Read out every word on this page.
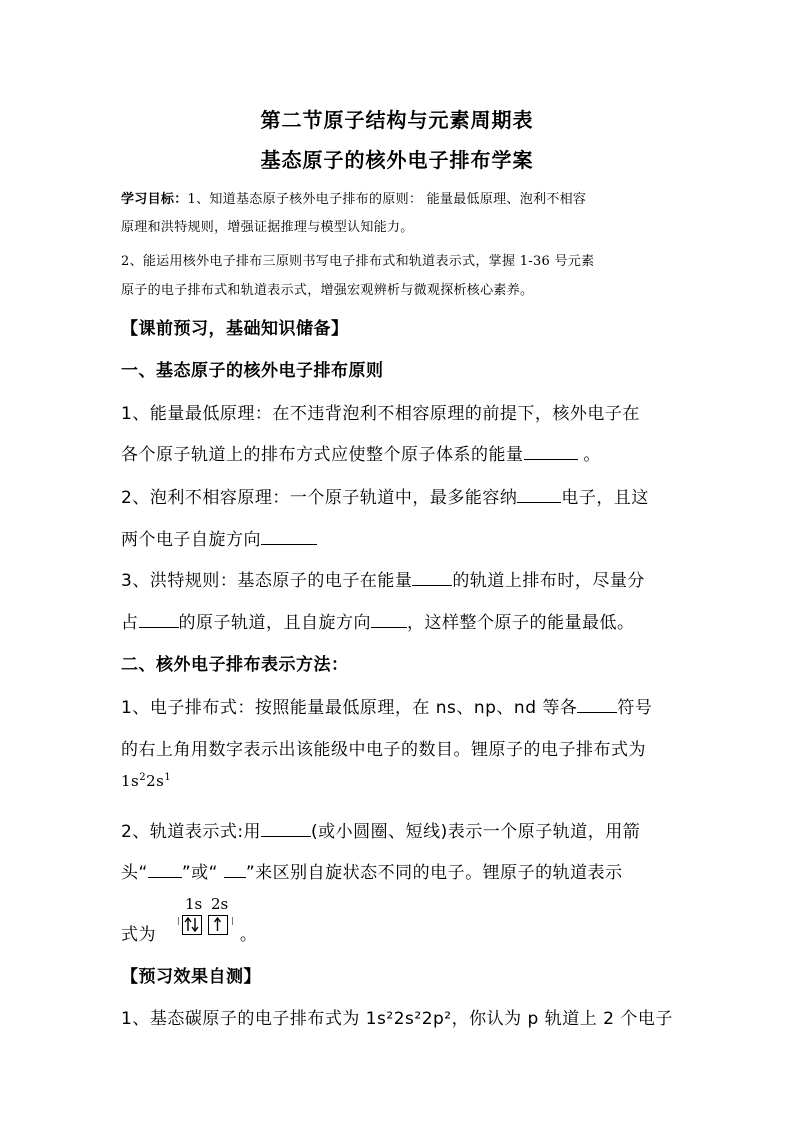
第二节原子结构与元素周期表
基态原子的核外电子排布学案
学习目标：1、知道基态原子核外电子排布的原则： 能量最低原理、泡利不相容
原理和洪特规则，增强证据推理与模型认知能力。
2、能运用核外电子排布三原则书写电子排布式和轨道表示式，掌握 1-36 号元素
原子的电子排布式和轨道表示式，增强宏观辨析与微观探析核心素养。
【课前预习，基础知识储备】
一、基态原子的核外电子排布原则
1、能量最低原理：在不违背泡利不相容原理的前提下，核外电子在
各个原子轨道上的排布方式应使整个原子体系的能量	。
2、泡利不相容原理：一个原子轨道中，最多能容纳	电子，且这
两个电子自旋方向
3、洪特规则：基态原子的电子在能量 的轨道上排布时，尽量分
占 的原子轨道，且自旋方向 ，这样整个原子的能量最低。
二、核外电子排布表示方法：
1、电子排布式：按照能量最低原理，在 ns、np、nd 等各 符号
的右上角用数字表示出该能级中电子的数目。锂原子的电子排布式为
$1s^22s^1$
2、轨道表示式:用	(或小圆圈、短线)表示一个原子轨道，用箭
头“ ”或“ ”来区别自旋状态不同的电子。锂原子的轨道表示
式为	。
1s 2s
【预习效果自测】
1、基态碳原子的电子排布式为 1s²2s²2p²，你认为 p 轨道上 2 个电子
